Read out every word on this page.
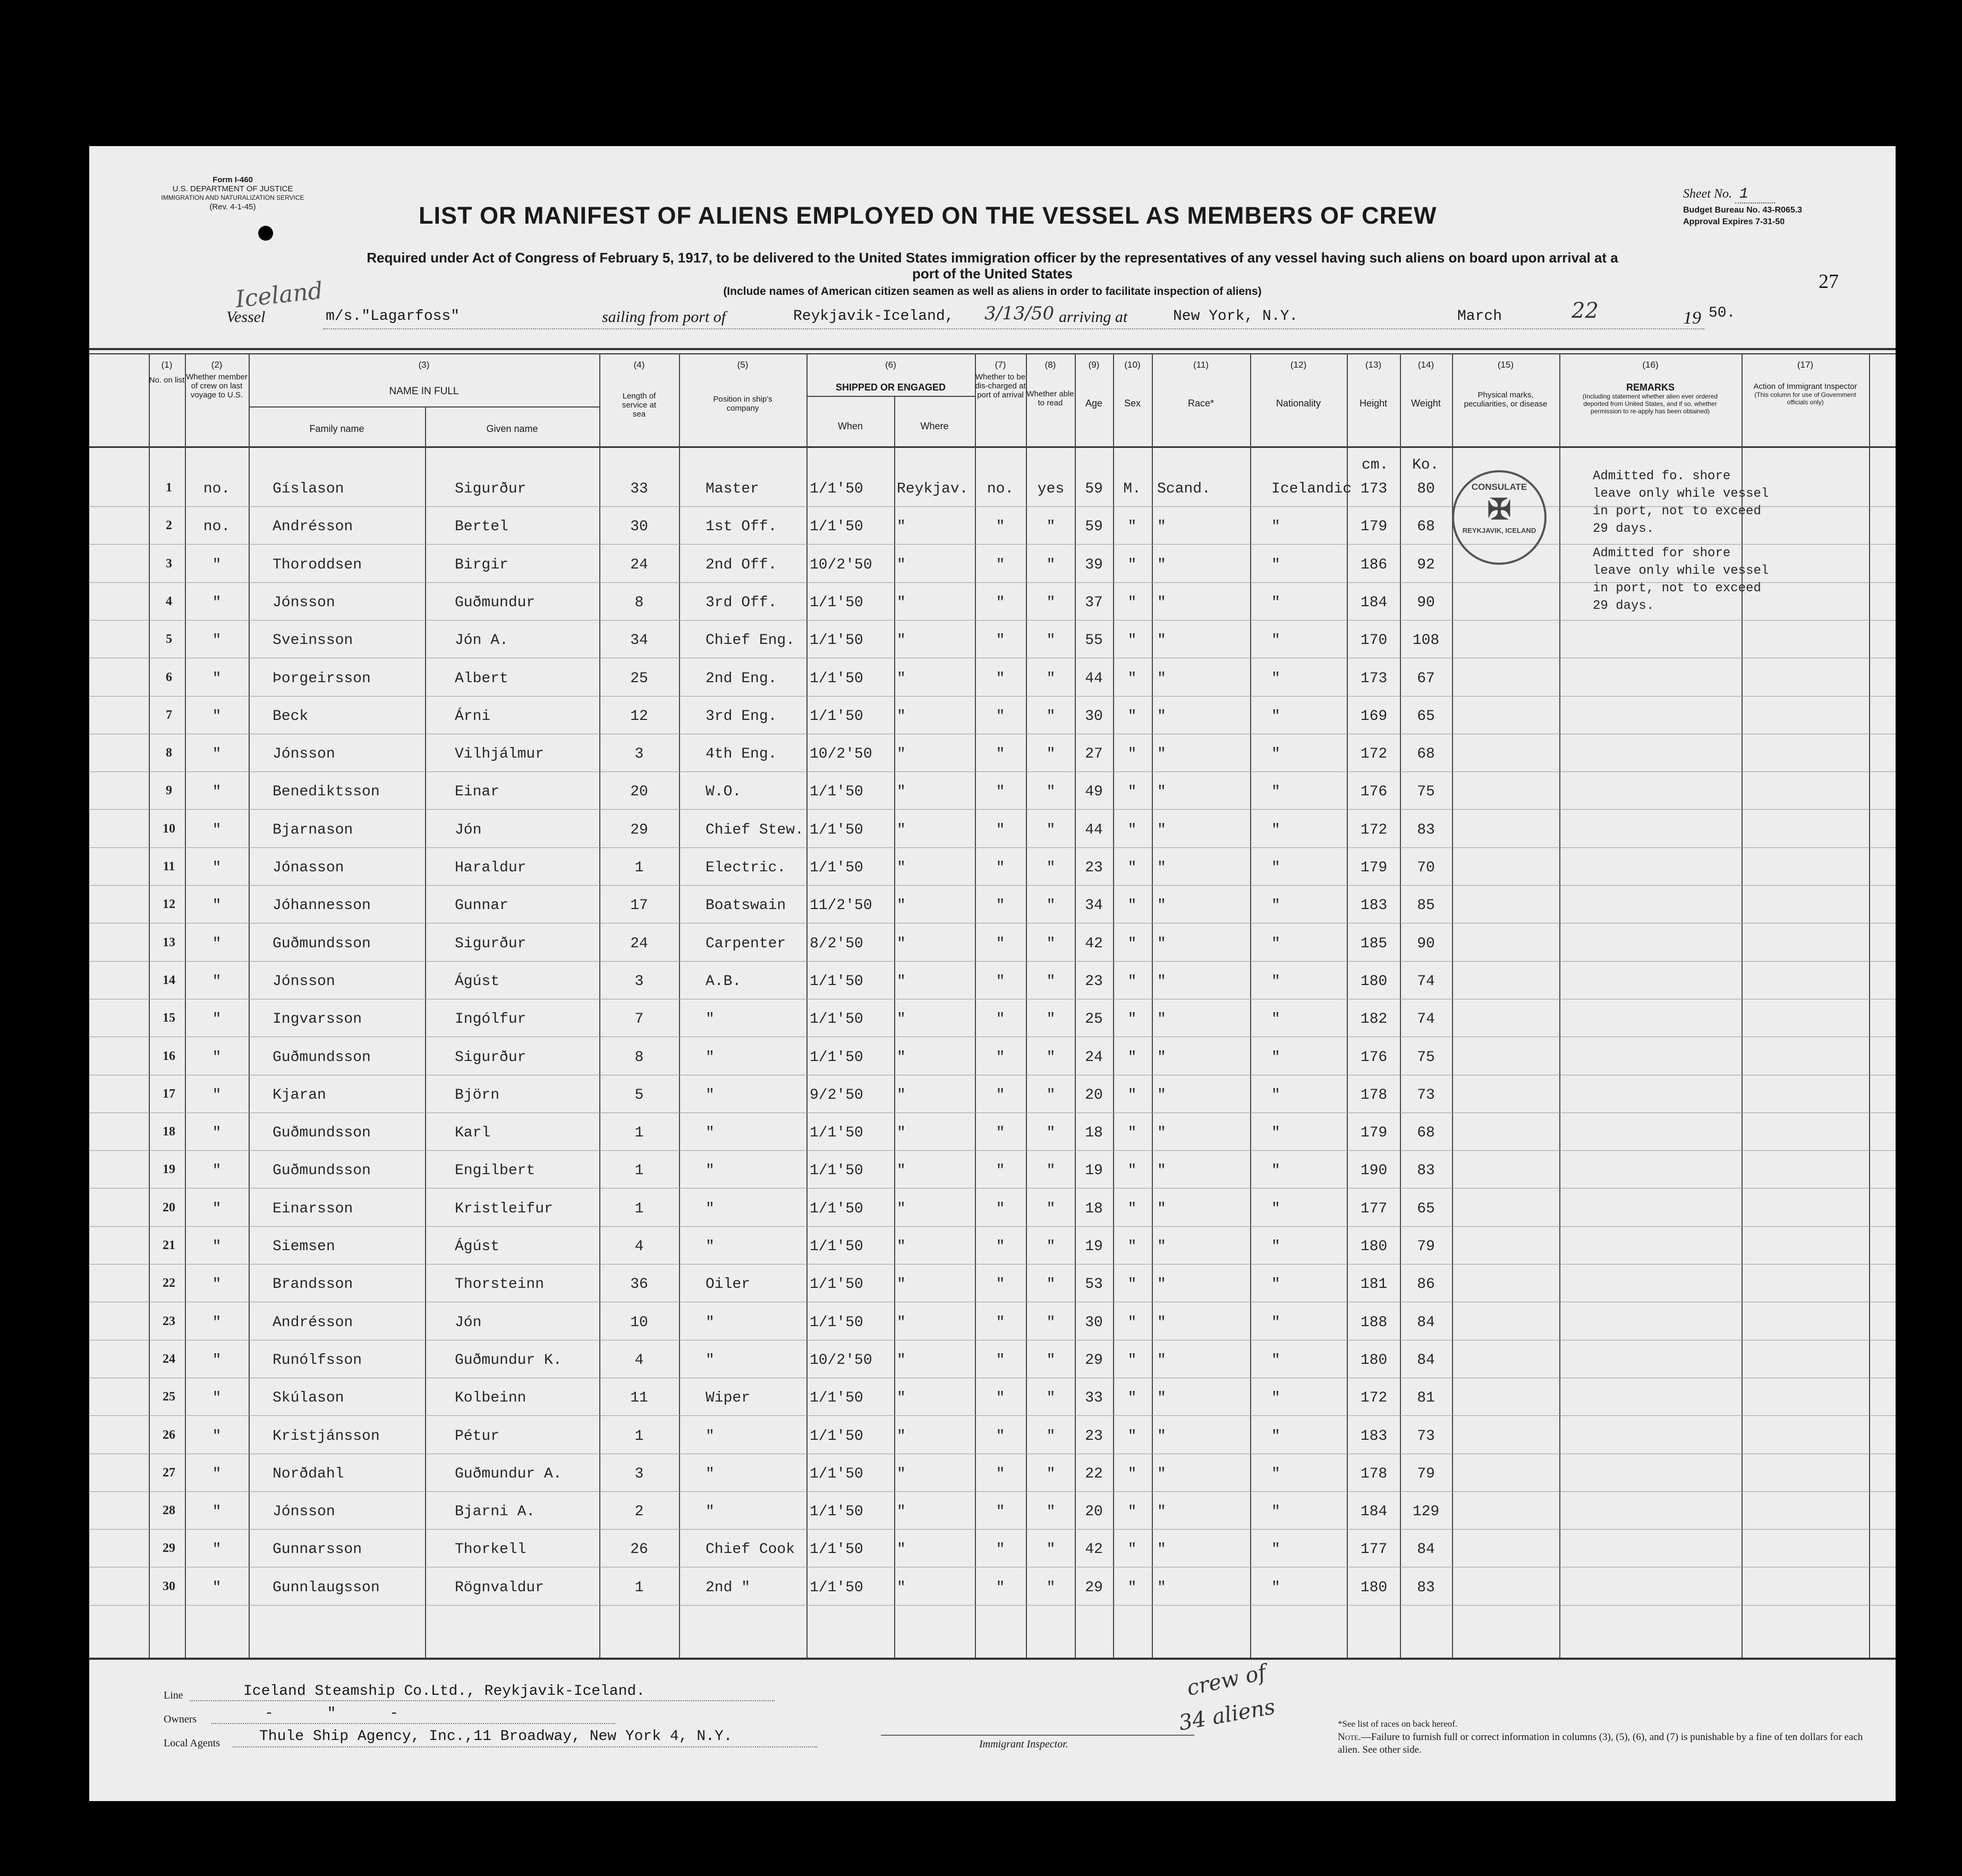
Form I-460
U.S. DEPARTMENT OF JUSTICE
IMMIGRATION AND NATURALIZATION SERVICE
(Rev. 4-1-45)	LIST OR MANIFEST OF ALIENS EMPLOYED ON THE VESSEL AS MEMBERS OF CREW
Sheet No. 1
Budget Bureau No. 43-R065.3
Approval Expires 7-31-50
27
Required under Act of Congress of February 5, 1917, to be delivered to the United States immigration officer by the representatives of any vessel having such aliens on board upon arrival at a
port of the United States
(Include names of American citizen seamen as well as aliens in order to facilitate inspection of aliens)
Iceland
Vessel	m/s."Lagarfoss"	sailing from port of	Reykjavik-Iceland, 3/13/50 arriving at	New York, N.Y.	March	22	19 50.
(1)
No. on list
(2)
Whether member of crew on last voyage to U.S.
(3)
NAME IN FULL
Family name	Given name
(4)
Length of service at sea
(5)
Position in ship's company
(6)
SHIPPED OR ENGAGED
When	Where
(7)
Whether to be dis-charged at port of arrival
(8)
Whether able to read
(9)
Age
(10)
Sex
(11)
Race*
(12)
Nationality
(13)
Height
(14)
Weight
(15)
Physical marks, peculiarities, or disease
(16)
REMARKS
(Including statement whether alien ever ordered deported from United States, and if so, whether permission to re-apply has been obtained)
(17)
Action of Immigrant Inspector
(This column for use of Government officials only)
cm. Ko.
1	no.	Gíslason	Sigurður	33	Master	1/1'50 Reykjav.	no.	yes	59	M.	Scand.	Icelandic 173	80
2	no.	Andrésson	Bertel	30	1st Off. 1/1'50 "	"	"	59	"	"	"	179	68
3	"	Thoroddsen	Birgir	24	2nd Off. 10/2'50 "	"	"	39	"	"	"	186	92
4	"	Jónsson	Guðmundur	8	3rd Off. 1/1'50 "	"	"	37	"	"	"	184	90
5	"	Sveinsson	Jón A.	34	Chief Eng. 1/1'50 "	"	"	55	"	"	"	170	108
6	"	Þorgeirsson	Albert	25	2nd Eng. 1/1'50 "	"	"	44	"	"	"	173	67
7	"	Beck	Árni	12	3rd Eng. 1/1'50 "	"	"	30	"	"	"	169	65
8	"	Jónsson	Vilhjálmur	3	4th Eng. 10/2'50 "	"	"	27	"	"	"	172	68
9	"	Benediktsson	Einar	20	W.O.	1/1'50 "	"	"	49	"	"	"	176	75
10	"	Bjarnason	Jón	29	Chief Stew. 1/1'50 "	"	"	44	"	"	"	172	83
11	"	Jónasson	Haraldur	1	Electric. 1/1'50 "	"	"	23	"	"	"	179	70
12	"	Jóhannesson	Gunnar	17	Boatswain 11/2'50 "	"	"	34	"	"	"	183	85
13	"	Guðmundsson	Sigurður	24	Carpenter 8/2'50 "	"	"	42	"	"	"	185	90
14	"	Jónsson	Ágúst	3	A.B.	1/1'50 "	"	"	23	"	"	"	180	74
15	"	Ingvarsson	Ingólfur	7	"	1/1'50 "	"	"	25	"	"	"	182	74
16	"	Guðmundsson	Sigurður	8	"	1/1'50 "	"	"	24	"	"	"	176	75
17	"	Kjaran	Björn	5	"	9/2'50 "	"	"	20	"	"	"	178	73
18	"	Guðmundsson	Karl	1	"	1/1'50 "	"	"	18	"	"	"	179	68
19	"	Guðmundsson	Engilbert	1	"	1/1'50 "	"	"	19	"	"	"	190	83
20	"	Einarsson	Kristleifur	1	"	1/1'50 "	"	"	18	"	"	"	177	65
21	"	Siemsen	Ágúst	4	"	1/1'50 "	"	"	19	"	"	"	180	79
22	"	Brandsson	Thorsteinn	36	Oiler	1/1'50 "	"	"	53	"	"	"	181	86
23	"	Andrésson	Jón	10	"	1/1'50 "	"	"	30	"	"	"	188	84
24	"	Runólfsson	Guðmundur K.	4	"	10/2'50 "	"	"	29	"	"	"	180	84
25	"	Skúlason	Kolbeinn	11	Wiper	1/1'50 "	"	"	33	"	"	"	172	81
26	"	Kristjánsson	Pétur	1	"	1/1'50 "	"	"	23	"	"	"	183	73
27	"	Norðdahl	Guðmundur A.	3	"	1/1'50 "	"	"	22	"	"	"	178	79
28	"	Jónsson	Bjarni A.	2	"	1/1'50 "	"	"	20	"	"	"	184	129
29	"	Gunnarsson	Thorkell	26	Chief Cook 1/1'50 "	"	"	42	"	"	"	177	84
30	"	Gunnlaugsson	Rögnvaldur	1	2nd "	1/1'50 "	"	"	29	"	"	"	180	83
Admitted fo. shore leave only while vessel in port, not to exceed 29 days.
Admitted for shore leave only while vessel in port, not to exceed 29 days.
CONSULATE
✠
REYKJAVIK, ICELAND
Line	Iceland Steamship Co.Ltd., Reykjavik-Iceland.
Owners	-      "      -
Local Agents	Thule Ship Agency, Inc.,11 Broadway, New York 4, N.Y.	Immigrant Inspector.
crew of
34 aliens	*See list of races on back hereof.
Note.—Failure to furnish full or correct information in columns (3), (5), (6), and (7) is punishable by a fine of ten dollars for each alien. See other side.
